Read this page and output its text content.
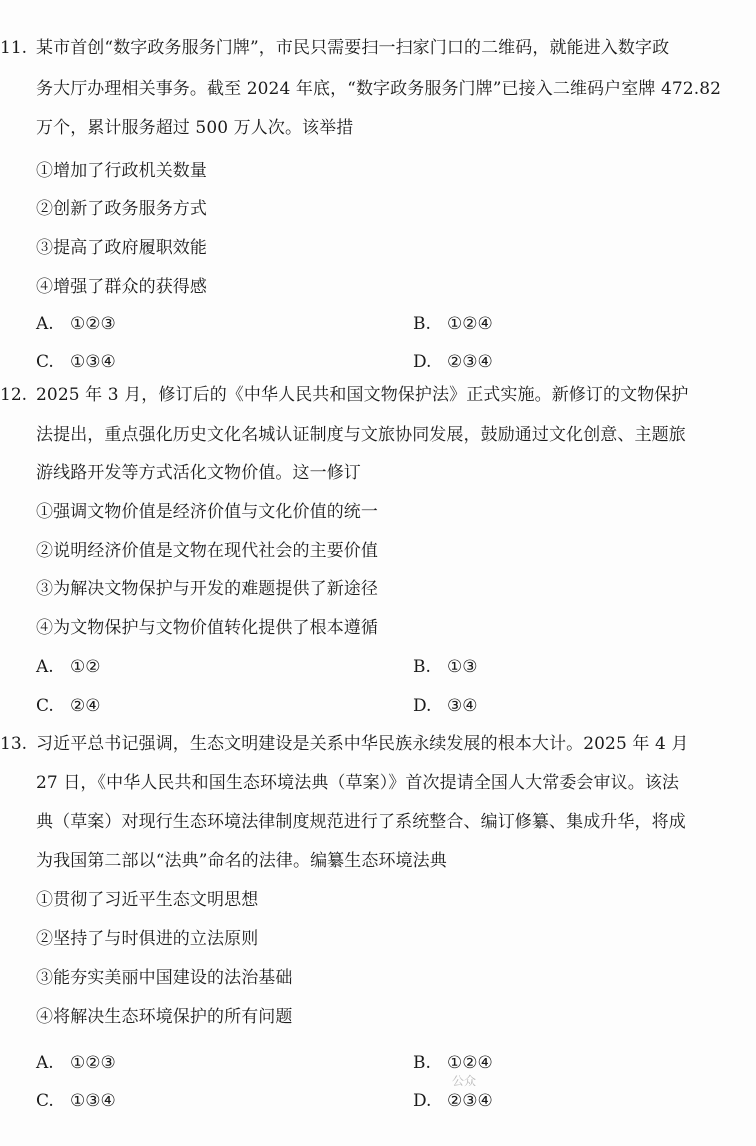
11. 某市首创“数字政务服务门牌”，市民只需要扫一扫家门口的二维码，就能进入数字政
务大厅办理相关事务。截至 2024 年底，“数字政务服务门牌”已接入二维码户室牌 472.82
万个，累计服务超过 500 万人次。该举措
①增加了行政机关数量
②创新了政务服务方式
③提高了政府履职效能
④增强了群众的获得感
A. ①②③	B. ①②④
C. ①③④	D. ②③④
12. 2025 年 3 月，修订后的《中华人民共和国文物保护法》正式实施。新修订的文物保护
法提出，重点强化历史文化名城认证制度与文旅协同发展，鼓励通过文化创意、主题旅
游线路开发等方式活化文物价值。这一修订
①强调文物价值是经济价值与文化价值的统一
②说明经济价值是文物在现代社会的主要价值
③为解决文物保护与开发的难题提供了新途径
④为文物保护与文物价值转化提供了根本遵循
A. ①②	B. ①③
C. ②④	D. ③④
13. 习近平总书记强调，生态文明建设是关系中华民族永续发展的根本大计。2025 年 4 月
27 日，《中华人民共和国生态环境法典（草案）》首次提请全国人大常委会审议。该法
典（草案）对现行生态环境法律制度规范进行了系统整合、编订修纂、集成升华，将成
为我国第二部以“法典”命名的法律。编纂生态环境法典
①贯彻了习近平生态文明思想
②坚持了与时俱进的立法原则
③能夯实美丽中国建设的法治基础
④将解决生态环境保护的所有问题
A. ①②③	B. ①②④
C. ①③④	D. ②③④
公众
